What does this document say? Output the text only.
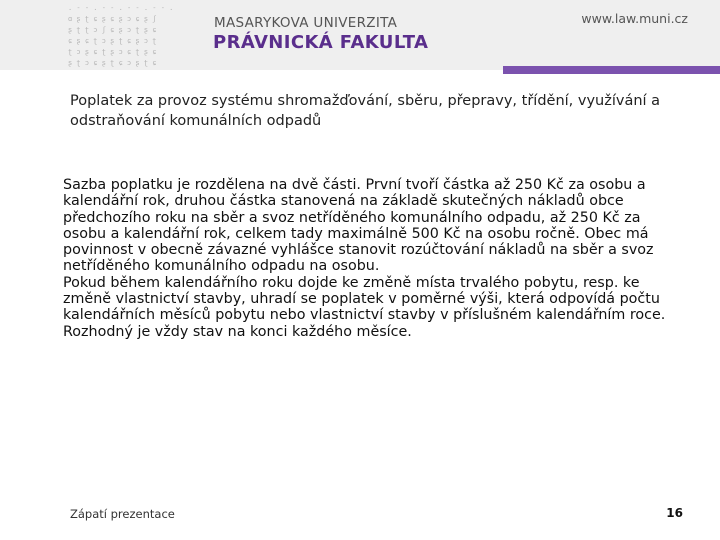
. - - . - - . - - . - - .
ɑ ʂ ʈ ɕ ʂ ɕ ʂ ɔ ɕ ʂ ʃ
ʂ ʈ ʈ ɔ ʃ ɕ ʂ ɔ ʈ ʂ ɕ
ɕ ʂ ɕ ʈ ɔ ʂ ʈ ɕ ʂ ɔ ʈ
ʈ ɔ ʂ ɕ ʈ ʂ ɔ ɕ ʈ ʂ ɕ
ʂ ʈ ɔ ɕ ʂ ʈ ɕ ɔ ʂ ʈ ɕ
MASARYKOVA UNIVERZITA
PRÁVNICKÁ FAKULTA
www.law.muni.cz
Poplatek za provoz systému shromažďování, sběru, přepravy, třídění, využívání a odstraňování komunálních odpadů

Sazba poplatku je rozdělena na dvě části. První tvoří částka až 250 Kč za osobu a kalendářní rok, druhou částka stanovená na základě skutečných nákladů obce předchozího roku na sběr a svoz netříděného komunálního odpadu, až 250 Kč za osobu a kalendářní rok, celkem tady maximálně 500 Kč na osobu ročně. Obec má povinnost v obecně závazné vyhlášce stanovit rozúčtování nákladů na sběr a svoz netříděného komunálního odpadu na osobu.

Pokud během kalendářního roku dojde ke změně místa trvalého pobytu, resp. ke změně vlastnictví stavby, uhradí se poplatek v poměrné výši, která odpovídá počtu kalendářních měsíců pobytu nebo vlastnictví stavby v příslušném kalendářním roce. Rozhodný je vždy stav na konci každého měsíce.

Zápatí prezentace	16
